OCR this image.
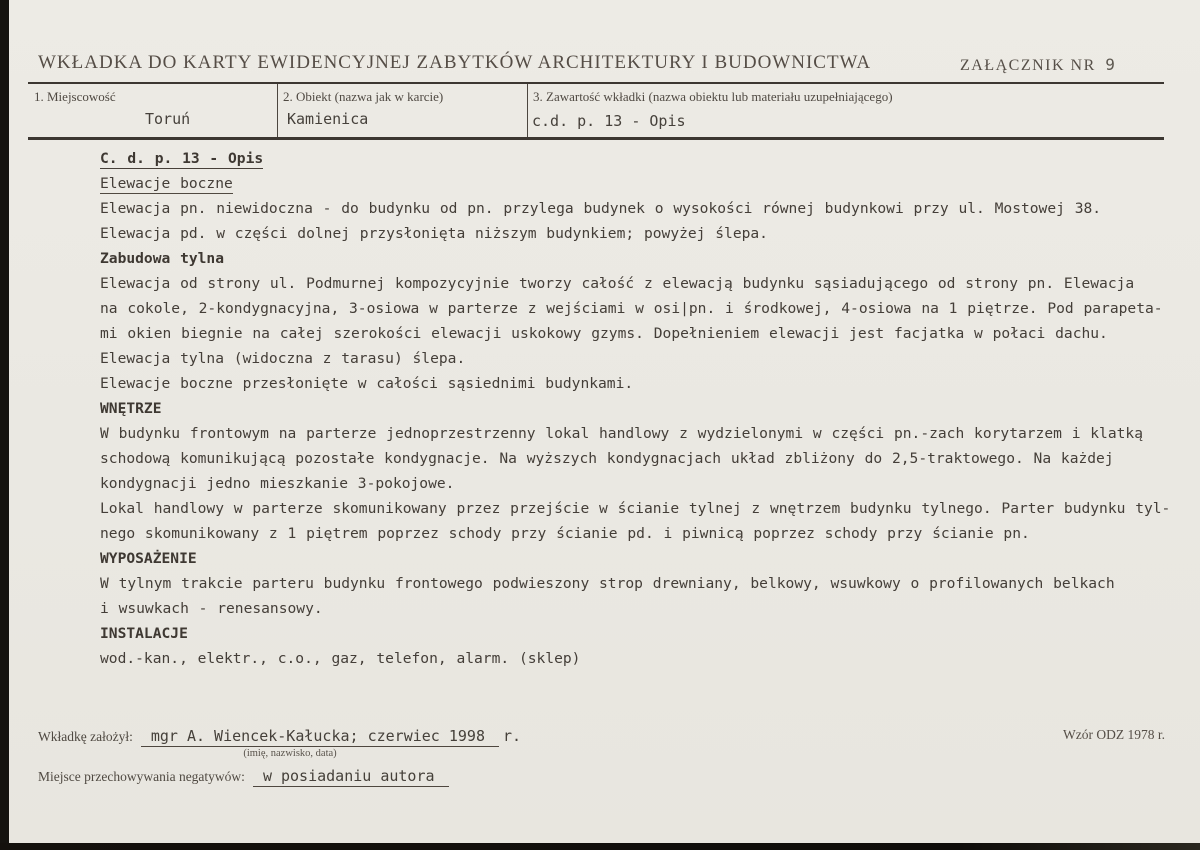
WKŁADKA DO KARTY EWIDENCYJNEJ ZABYTKÓW ARCHITEKTURY I BUDOWNICTWA	ZAŁĄCZNIK NR 9
1. Miejscowość	2. Obiekt (nazwa jak w karcie)	3. Zawartość wkładki (nazwa obiektu lub materiału uzupełniającego)
Toruń	Kamienica	c.d. p. 13 - Opis
C. d. p. 13 - Opis
Elewacje boczne
Elewacja pn. niewidoczna - do budynku od pn. przylega budynek o wysokości równej budynkowi przy ul. Mostowej 38.
Elewacja pd. w części dolnej przysłonięta niższym budynkiem; powyżej ślepa.
Zabudowa tylna
Elewacja od strony ul. Podmurnej kompozycyjnie tworzy całość z elewacją budynku sąsiadującego od strony pn. Elewacja
na cokole, 2-kondygnacyjna, 3-osiowa w parterze z wejściami w osi|pn. i środkowej, 4-osiowa na 1 piętrze. Pod parapeta-
mi okien biegnie na całej szerokości elewacji uskokowy gzyms. Dopełnieniem elewacji jest facjatka w połaci dachu.
Elewacja tylna (widoczna z tarasu) ślepa.
Elewacje boczne przesłonięte w całości sąsiednimi budynkami.
WNĘTRZE
W budynku frontowym na parterze jednoprzestrzenny lokal handlowy z wydzielonymi w części pn.-zach korytarzem i klatką
schodową komunikującą pozostałe kondygnacje. Na wyższych kondygnacjach układ zbliżony do 2,5-traktowego. Na każdej
kondygnacji jedno mieszkanie 3-pokojowe.
Lokal handlowy w parterze skomunikowany przez przejście w ścianie tylnej z wnętrzem budynku tylnego. Parter budynku tyl-
nego skomunikowany z 1 piętrem poprzez schody przy ścianie pd. i piwnicą poprzez schody przy ścianie pn.
WYPOSAŻENIE
W tylnym trakcie parteru budynku frontowego podwieszony strop drewniany, belkowy, wsuwkowy o profilowanych belkach
i wsuwkach - renesansowy.
INSTALACJE
wod.-kan., elektr., c.o., gaz, telefon, alarm. (sklep)
Wkładkę założył: mgr A. Wiencek-Kałucka; czerwiec 1998 r.
(imię, nazwisko, data)
Miejsce przechowywania negatywów: w posiadaniu autora
Wzór ODZ 1978 r.
